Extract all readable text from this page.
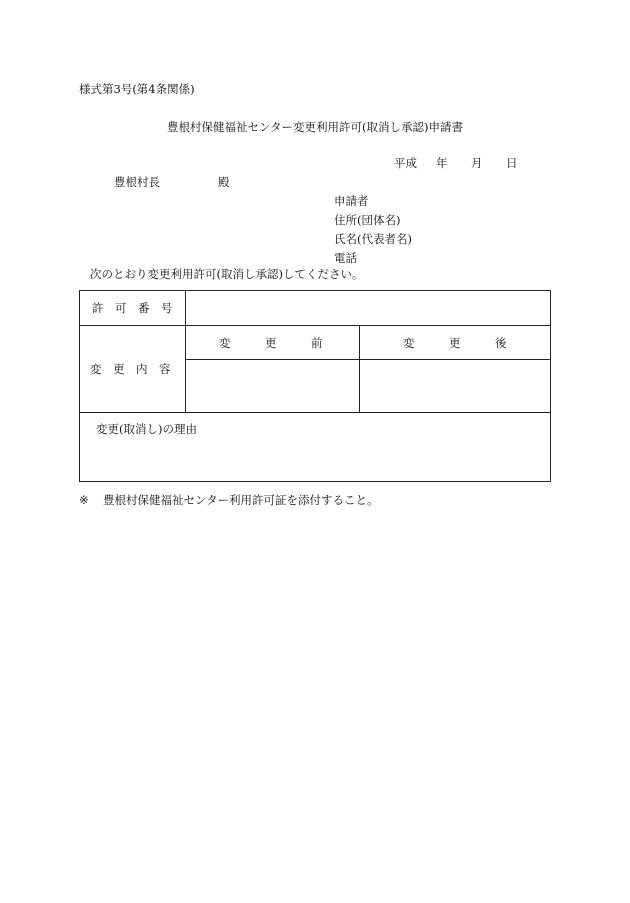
様式第3号(第4条関係)
豊根村保健福祉センター変更利用許可(取消し承認)申請書
平成 年 月 日
豊根村長	殿
申請者
住所(団体名)
氏名(代表者名)
電話
次のとおり変更利用許可(取消し承認)してください。
許　可　番　号
変　更　内　容
変　　　更　　　前	変　　　更　　　後
変更(取消し)の理由
※ 豊根村保健福祉センター利用許可証を添付すること。
